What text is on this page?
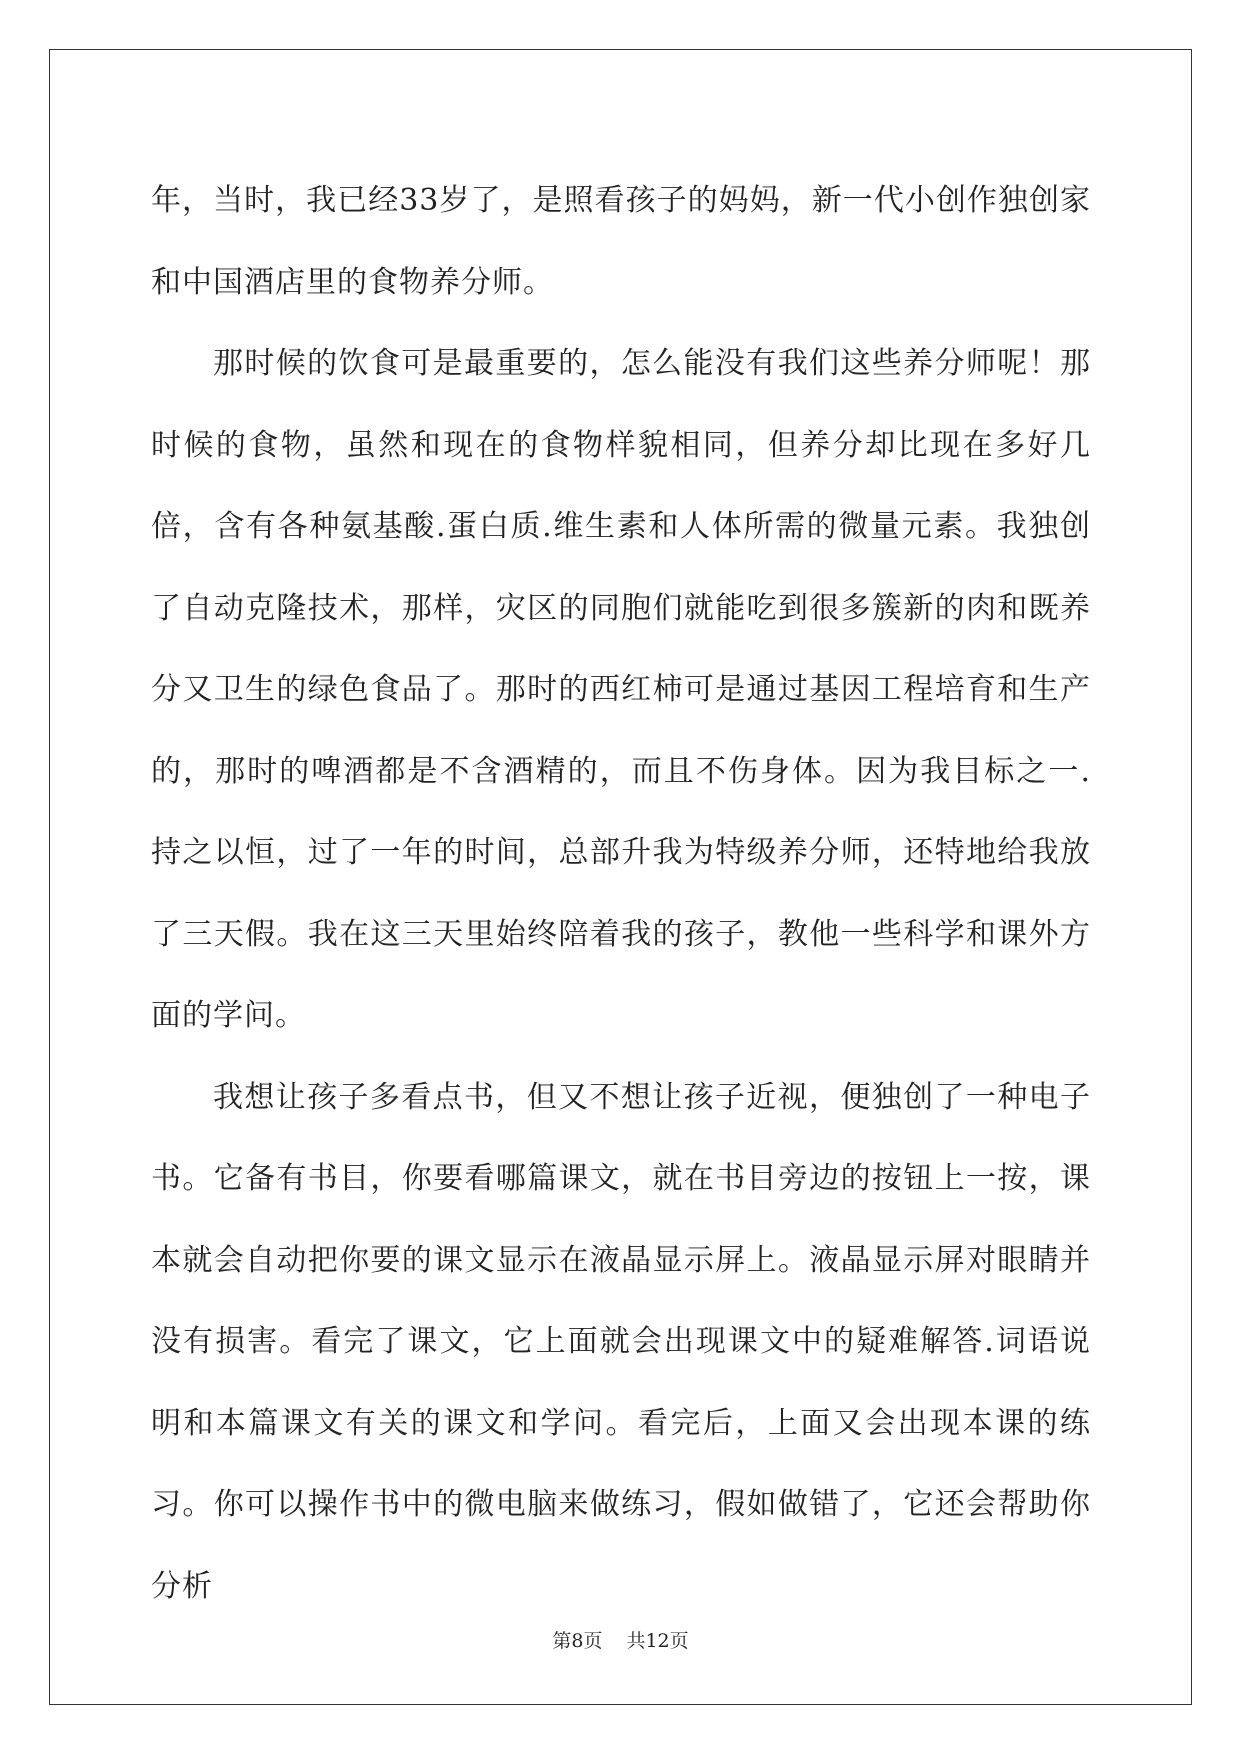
年，当时，我已经33岁了，是照看孩子的妈妈，新一代小创作独创家和中国酒店里的食物养分师。

那时候的饮食可是最重要的，怎么能没有我们这些养分师呢！那时候的食物，虽然和现在的食物样貌相同，但养分却比现在多好几倍，含有各种氨基酸.蛋白质.维生素和人体所需的微量元素。我独创了自动克隆技术，那样，灾区的同胞们就能吃到很多簇新的肉和既养分又卫生的绿色食品了。那时的西红柿可是通过基因工程培育和生产的，那时的啤酒都是不含酒精的，而且不伤身体。因为我目标之一.持之以恒，过了一年的时间，总部升我为特级养分师，还特地给我放了三天假。我在这三天里始终陪着我的孩子，教他一些科学和课外方面的学问。

我想让孩子多看点书，但又不想让孩子近视，便独创了一种电子书。它备有书目，你要看哪篇课文，就在书目旁边的按钮上一按，课本就会自动把你要的课文显示在液晶显示屏上。液晶显示屏对眼睛并没有损害。看完了课文，它上面就会出现课文中的疑难解答.词语说明和本篇课文有关的课文和学问。看完后，上面又会出现本课的练习。你可以操作书中的微电脑来做练习，假如做错了，它还会帮助你分析

第8页 共12页
